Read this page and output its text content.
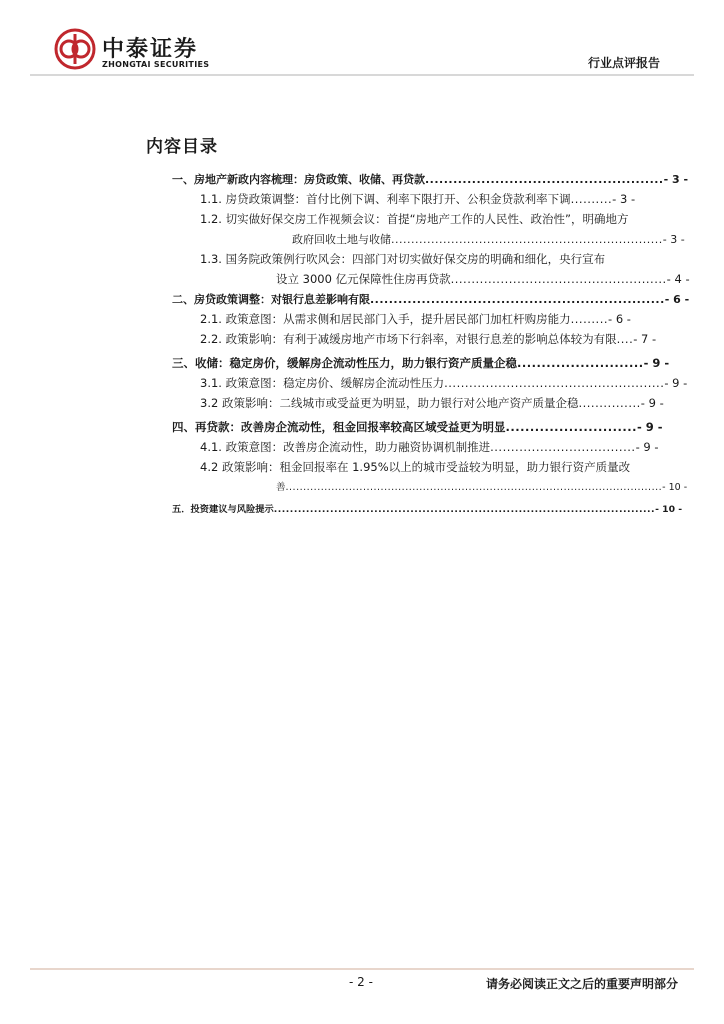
中泰证券
ZHONGTAI SECURITIES	行业点评报告
内容目录
一、房地产新政内容梳理：房贷政策、收储、再贷款...................................................- 3 -
1.1. 房贷政策调整：首付比例下调、利率下限打开、公积金贷款利率下调..........- 3 -
1.2. 切实做好保交房工作视频会议：首提“房地产工作的人民性、政治性”，明确地方
政府回收土地与收储....................................................................- 3 -
1.3. 国务院政策例行吹风会：四部门对切实做好保交房的明确和细化，央行宣布
设立 3000 亿元保障性住房再贷款....................................................- 4 -
二、房贷政策调整：对银行息差影响有限...............................................................- 6 -
2.1. 政策意图：从需求侧和居民部门入手，提升居民部门加杠杆购房能力.........- 6 -
2.2. 政策影响：有利于减缓房地产市场下行斜率，对银行息差的影响总体较为有限....- 7 -
三、收储：稳定房价，缓解房企流动性压力，助力银行资产质量企稳..........................- 9 -
3.1. 政策意图：稳定房价、缓解房企流动性压力.....................................................- 9 -
3.2 政策影响：二线城市或受益更为明显，助力银行对公地产资产质量企稳...............- 9 -
四、再贷款：改善房企流动性，租金回报率较高区域受益更为明显...........................- 9 -
4.1. 政策意图：改善房企流动性，助力融资协调机制推进...................................- 9 -
4.2 政策影响：租金回报率在 1.95%以上的城市受益较为明显，助力银行资产质量改
善...........................................................................................................- 10 -
五．投资建议与风险提示...............................................................................................- 10 -
- 2 -	请务必阅读正文之后的重要声明部分
